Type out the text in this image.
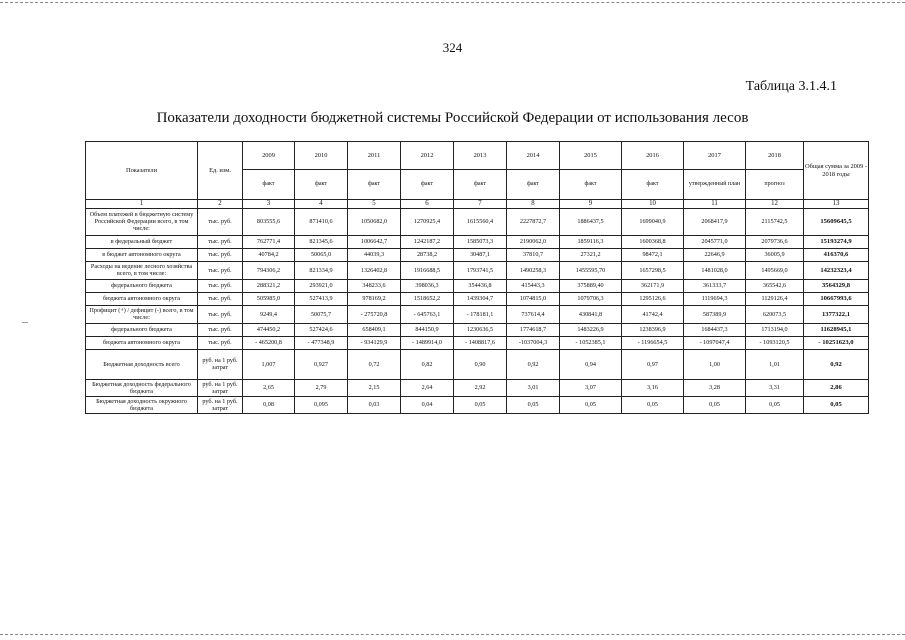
324
Таблица 3.1.4.1
Показатели доходности бюджетной системы Российской Федерации от использования лесов
Показатели	Ед. изм.	2009	2010	2011	2012	2013	2014	2015	2016	2017	2018	Общая сумма за 2009 - 2018 годы
		факт	факт	факт	факт	факт	факт	факт	факт	утвержденный план	прогноз	
1	2	3	4	5	6	7	8	9	10	11	12	13
Объем платежей в бюджетную систему Российской Федерации всего, в том числе:	тыс. руб.	803555,6	871410,6	1050682,0	1270925,4	1615560,4	2227872,7	1886437,5	1699040,9	2068417,9	2115742,5	15609645,5
в федеральный бюджет	тыс. руб.	762771,4	821345,6	1006642,7	1242187,2	1585073,3	2190062,0	1859116,3	1600368,8	2045771,0	2079736,6	15193274,9
в бюджет автономного округа	тыс. руб.	40784,2	50065,0	44039,3	28738,2	30487,1	37810,7	27321,2	98472,1	22646,9	36005,9	416370,6
Расходы на ведение лесного хозяйства всего, в том числе:	тыс. руб.	794306,2	821334,9	1326402,8	1916688,5	1793741,5	1490258,3	1455595,70	1657298,5	1481028,0	1495669,0	14232323,4
федерального бюджета	тыс. руб.	288321,2	293921,0	348233,6	398036,3	354436,8	415443,3	375889,40	362171,9	361333,7	365542,6	3564329,8
бюджета автономного округа	тыс. руб.	505985,0	527413,9	978169,2	1518652,2	1439304,7	1074815,0	1079706,3	1295126,6	1119694,3	1129126,4	10667993,6
Профицит (+) / дефицит (-) всего, в том числе:	тыс. руб.	9249,4	50075,7	- 275720,8	- 645763,1	- 178181,1	737614,4	430841,8	41742,4	587389,9	620073,5	1377322,1
федерального бюджета	тыс. руб.	474450,2	527424,6	658409,1	844150,9	1230636,5	1774618,7	1483226,9	1238396,9	1684437,3	1713194,0	11628945,1
бюджета автономного округа	тыс. руб.	- 465200,8	- 477348,9	- 934129,9	- 1489914,0	- 1408817,6	-1037004,3	- 1052385,1	- 1196654,5	- 1097047,4	- 1093120,5	- 10251623,0
Бюджетная доходность всего	руб. на 1 руб. затрат	1,007	0,927	0,72	0,82	0,90	0,92	0,94	0,97	1,00	1,01	0,92
Бюджетная доходность федерального бюджета	руб. на 1 руб. затрат	2,65	2,79	2,15	2,64	2,92	3,01	3,07	3,16	3,28	3,31	2,86
Бюджетная доходность окружного бюджета	руб. на 1 руб. затрат	0,08	0,095	0,03	0,04	0,05	0,05	0,05	0,05	0,05	0,05	0,05
